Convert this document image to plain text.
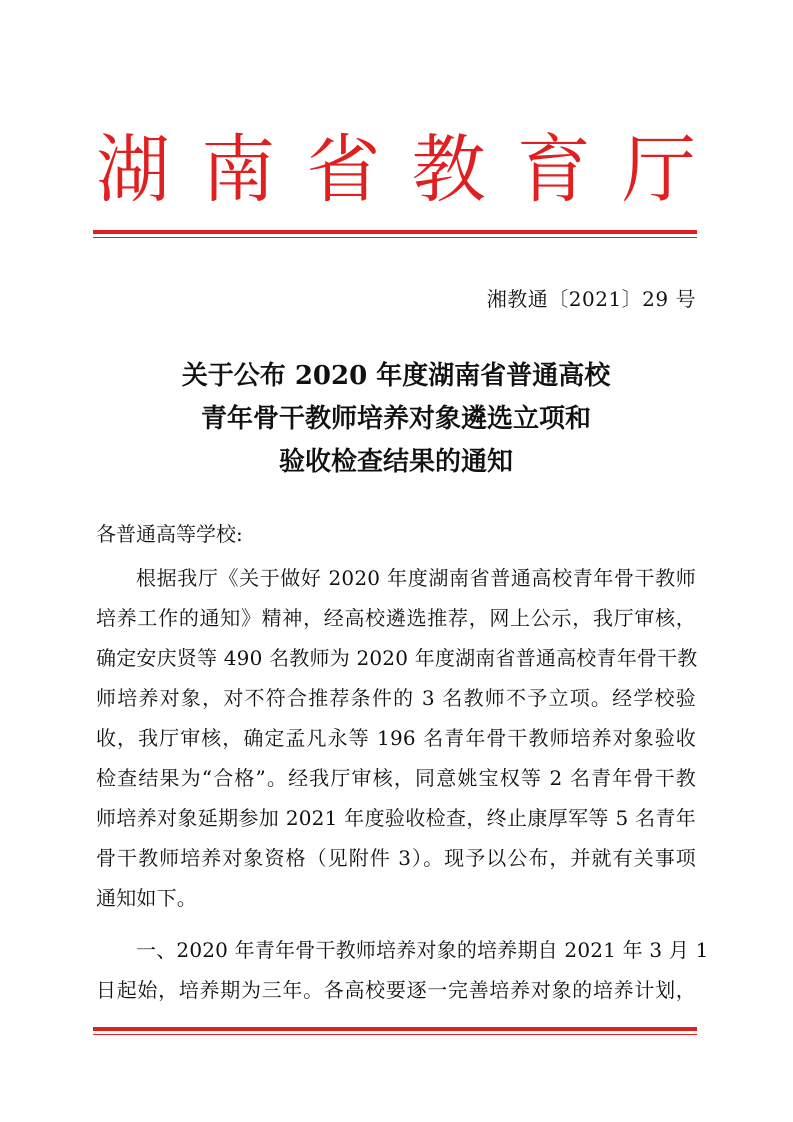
湖 南 省 教 育 厅
湘教通〔2021〕29 号
关于公布 2020 年度湖南省普通高校
青年骨干教师培养对象遴选立项和
验收检查结果的通知
各普通高等学校:
根据我厅《关于做好 2020 年度湖南省普通高校青年骨干教师
培养工作的通知》精神，经高校遴选推荐，网上公示，我厅审核，
确定安庆贤等 490 名教师为 2020 年度湖南省普通高校青年骨干教
师培养对象，对不符合推荐条件的 3 名教师不予立项。经学校验
收，我厅审核，确定孟凡永等 196 名青年骨干教师培养对象验收
检查结果为“合格”。经我厅审核，同意姚宝权等 2 名青年骨干教
师培养对象延期参加 2021 年度验收检查，终止康厚军等 5 名青年
骨干教师培养对象资格（见附件 3）。现予以公布，并就有关事项
通知如下。
一、2020 年青年骨干教师培养对象的培养期自 2021 年 3 月 1
日起始，培养期为三年。各高校要逐一完善培养对象的培养计划，
